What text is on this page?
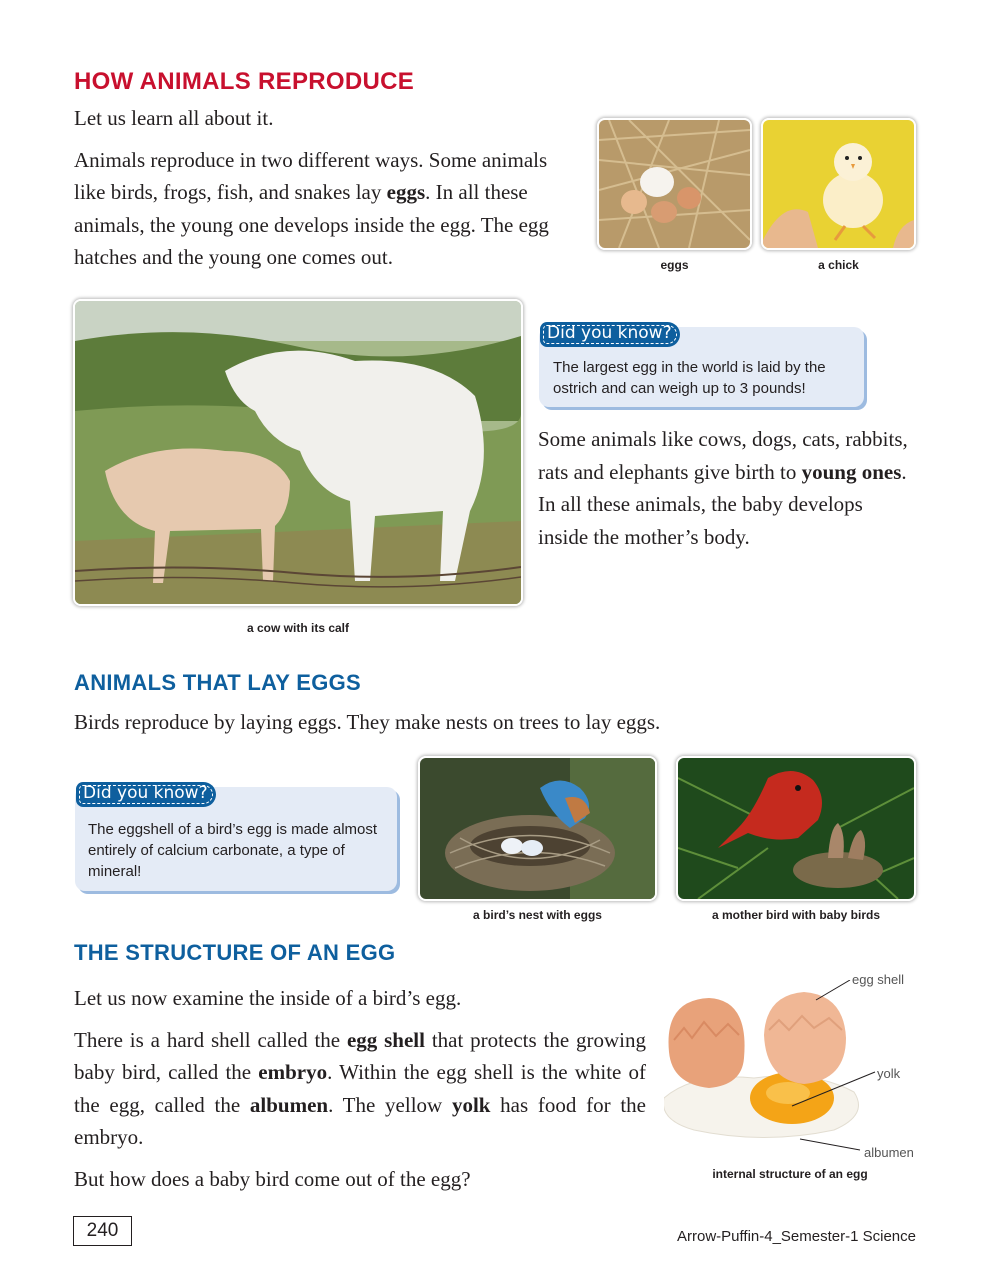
HOW ANIMALS REPRODUCE

Let us learn all about it.

Animals reproduce in two different ways. Some animals like birds, frogs, fish, and snakes lay eggs. In all these animals, the young one develops inside the egg. The egg hatches and the young one comes out.	eggs	a chick
a cow with its calf
Did you know?
The largest egg in the world is laid by the ostrich and can weigh up to 3 pounds!
Some animals like cows, dogs, cats, rabbits, rats and elephants give birth to young ones. In all these animals, the baby develops inside the mother’s body.
ANIMALS THAT LAY EGGS
Birds reproduce by laying eggs. They make nests on trees to lay eggs.
Did you know?
The eggshell of a bird’s egg is made almost entirely of calcium carbonate, a type of mineral!
a bird’s nest with eggs	a mother bird with baby birds
THE STRUCTURE OF AN EGG

Let us now examine the inside of a bird’s egg.

There is a hard shell called the egg shell that protects the growing baby bird, called the embryo. Within the egg shell is the white of the egg, called the albumen. The yellow yolk has food for the embryo.

But how does a baby bird come out of the egg?

egg shell
yolk
albumen
internal structure of an egg
240	Arrow-Puffin-4_Semester-1 Science
